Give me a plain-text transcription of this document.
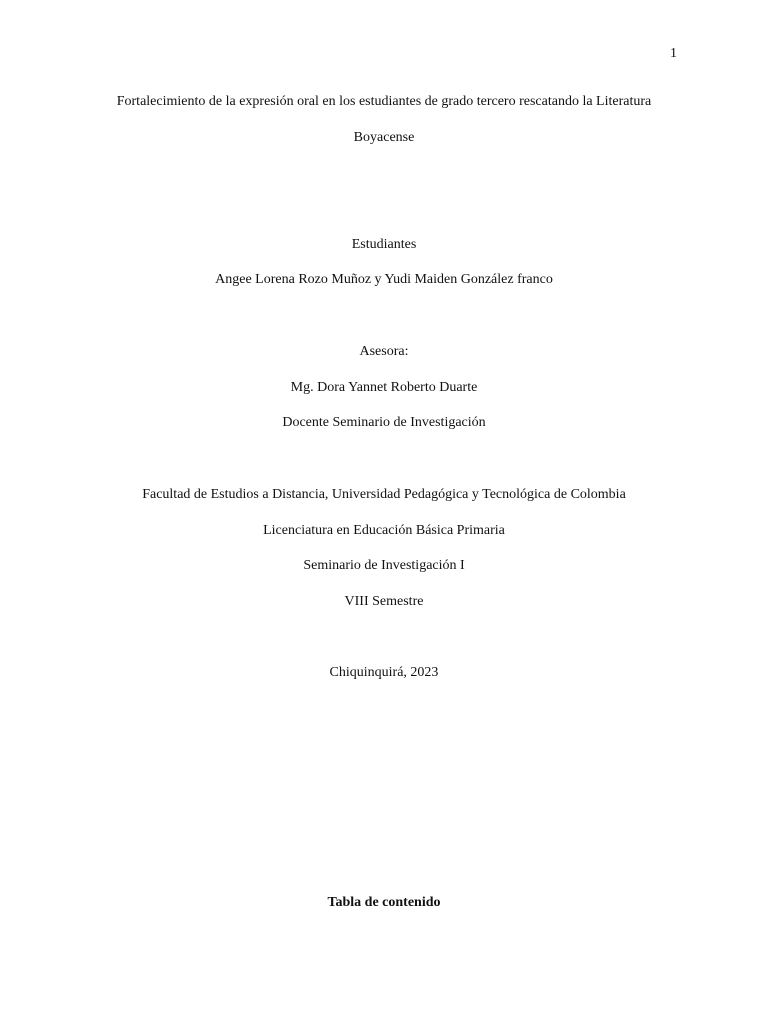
1
Fortalecimiento de la expresión oral en los estudiantes de grado tercero rescatando la Literatura
Boyacense
Estudiantes
Angee Lorena Rozo Muñoz y Yudi Maiden González franco
Asesora:
Mg. Dora Yannet Roberto Duarte
Docente Seminario de Investigación
Facultad de Estudios a Distancia, Universidad Pedagógica y Tecnológica de Colombia
Licenciatura en Educación Básica Primaria
Seminario de Investigación I
VIII Semestre
Chiquinquirá, 2023
Tabla de contenido
